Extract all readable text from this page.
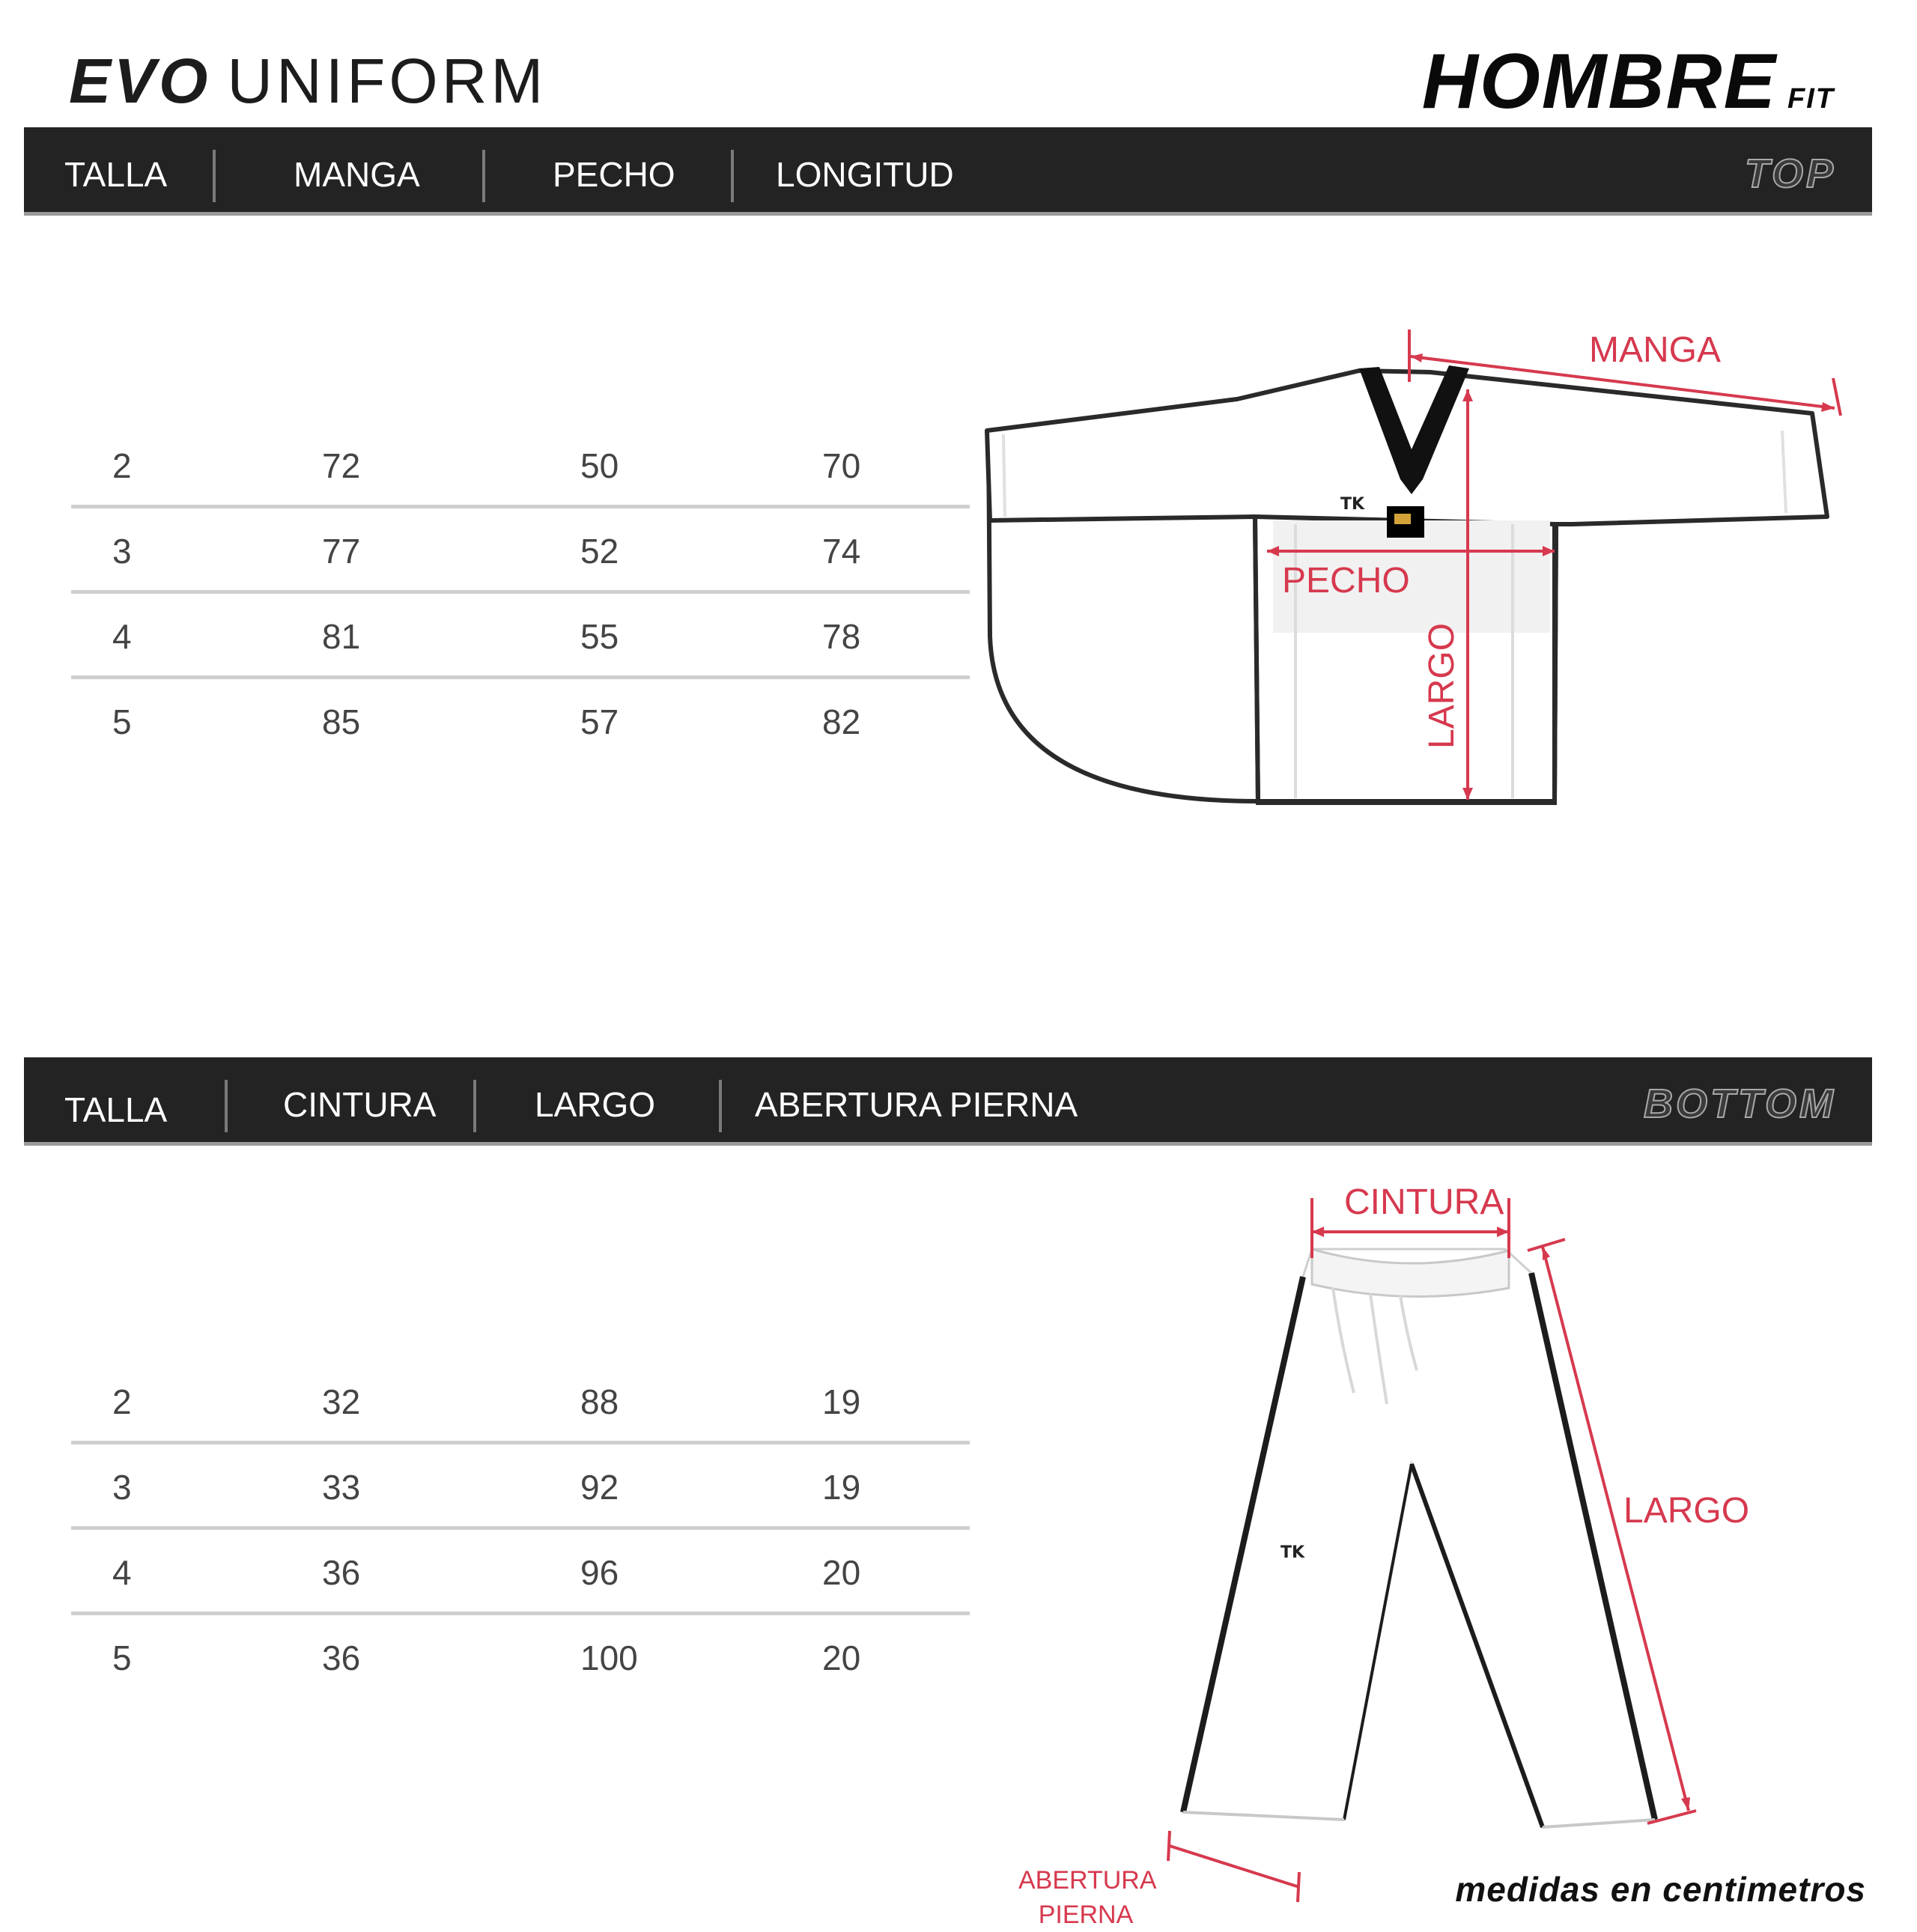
EVO UNIFORM	HOMBRE FIT
TALLA	MANGA	PECHO	LONGITUD	TOP
2	72	50	70
3	77	52	74
4	81	55	78
5	85	57	82
TK
MANGA
PECHO
LARGO
TALLA	CINTURA	LARGO	ABERTURA PIERNA	BOTTOM
2	32	88	19
3	33	92	19
4	36	96	20
5	36	100	20
TK
CINTURA
LARGO
ABERTURA
PIERNA
medidas en centimetros
